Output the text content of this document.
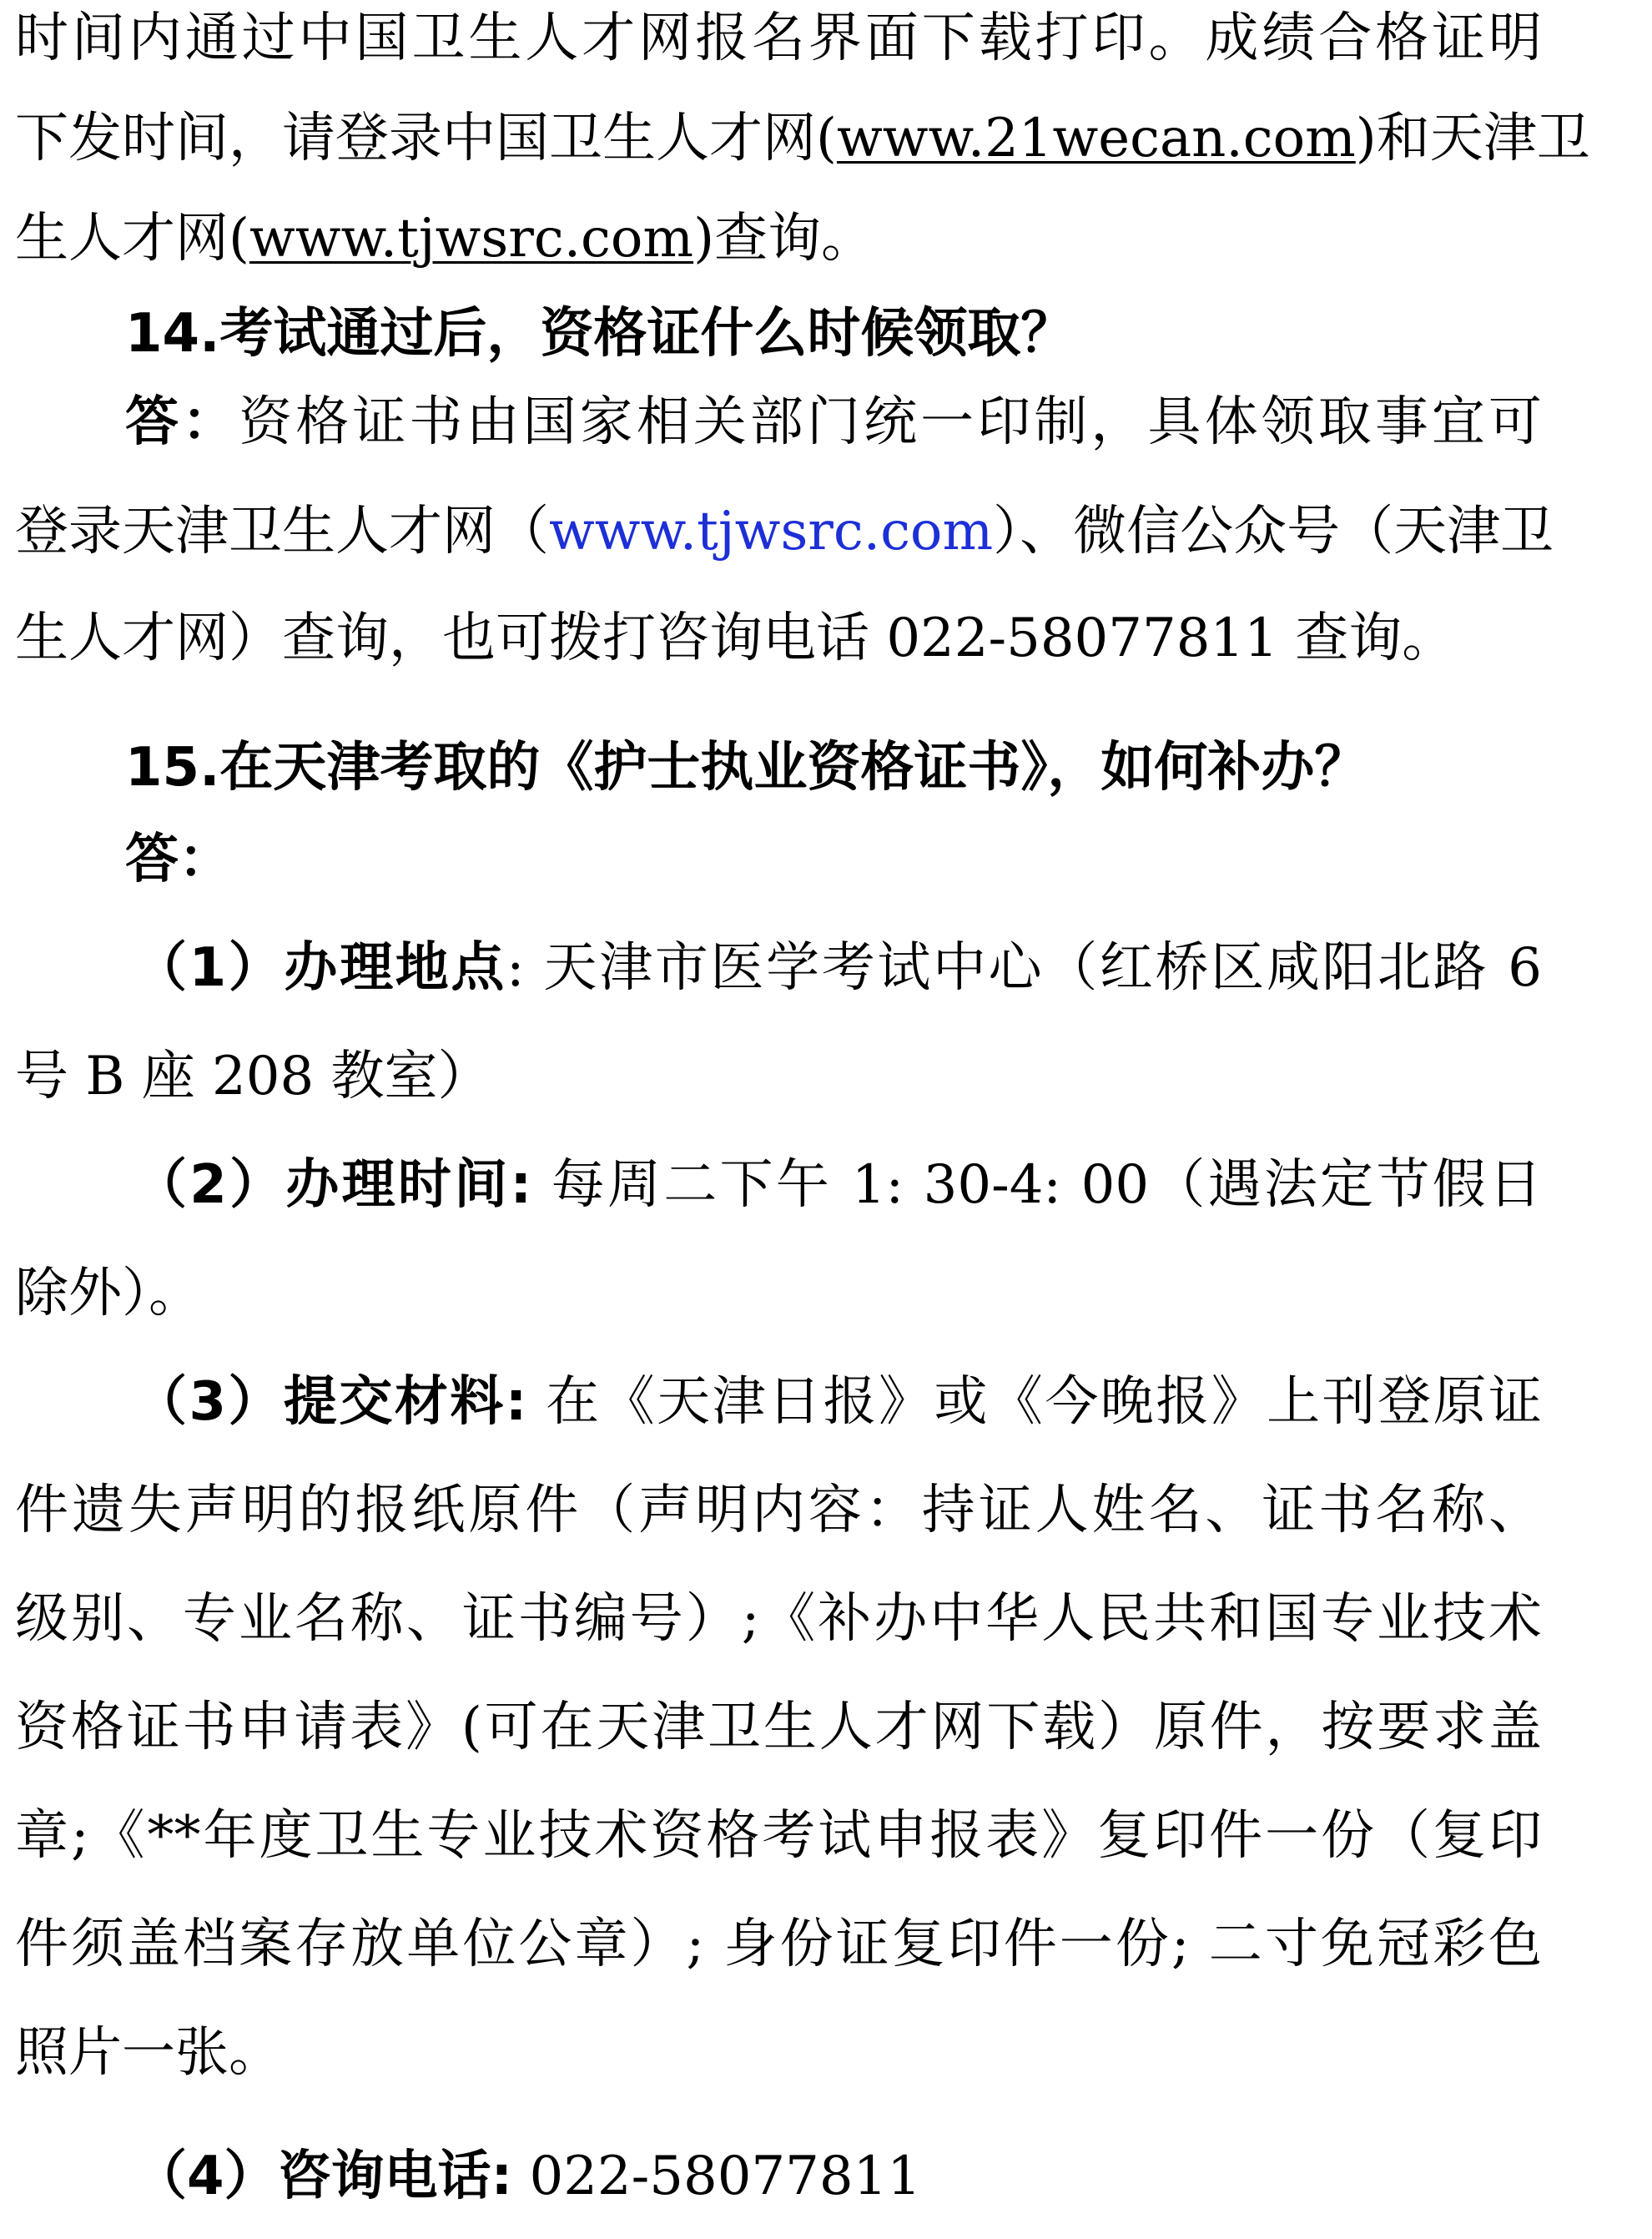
时间内通过中国卫生人才网报名界面下载打印。成绩合格证明
下发时间，请登录中国卫生人才网(www.21wecan.com)和天津卫
生人才网(www.tjwsrc.com)查询。
14.考试通过后，资格证什么时候领取？
答：资格证书由国家相关部门统一印制，具体领取事宜可
登录天津卫生人才网（www.tjwsrc.com）、微信公众号（天津卫
生人才网）查询，也可拨打咨询电话 022-58077811 查询。
15.在天津考取的《护士执业资格证书》，如何补办？
答：
（1）办理地点: 天津市医学考试中心（红桥区咸阳北路 6
号 B 座 208 教室）
（2）办理时间: 每周二下午 1: 30-4: 00（遇法定节假日
除外）。
（3）提交材料: 在《天津日报》或《今晚报》上刊登原证
件遗失声明的报纸原件（声明内容：持证人姓名、证书名称、
级别、专业名称、证书编号）;《补办中华人民共和国专业技术
资格证书申请表》(可在天津卫生人才网下载）原件，按要求盖
章;《**年度卫生专业技术资格考试申报表》复印件一份（复印
件须盖档案存放单位公章）; 身份证复印件一份; 二寸免冠彩色
照片一张。
（4）咨询电话: 022-58077811
